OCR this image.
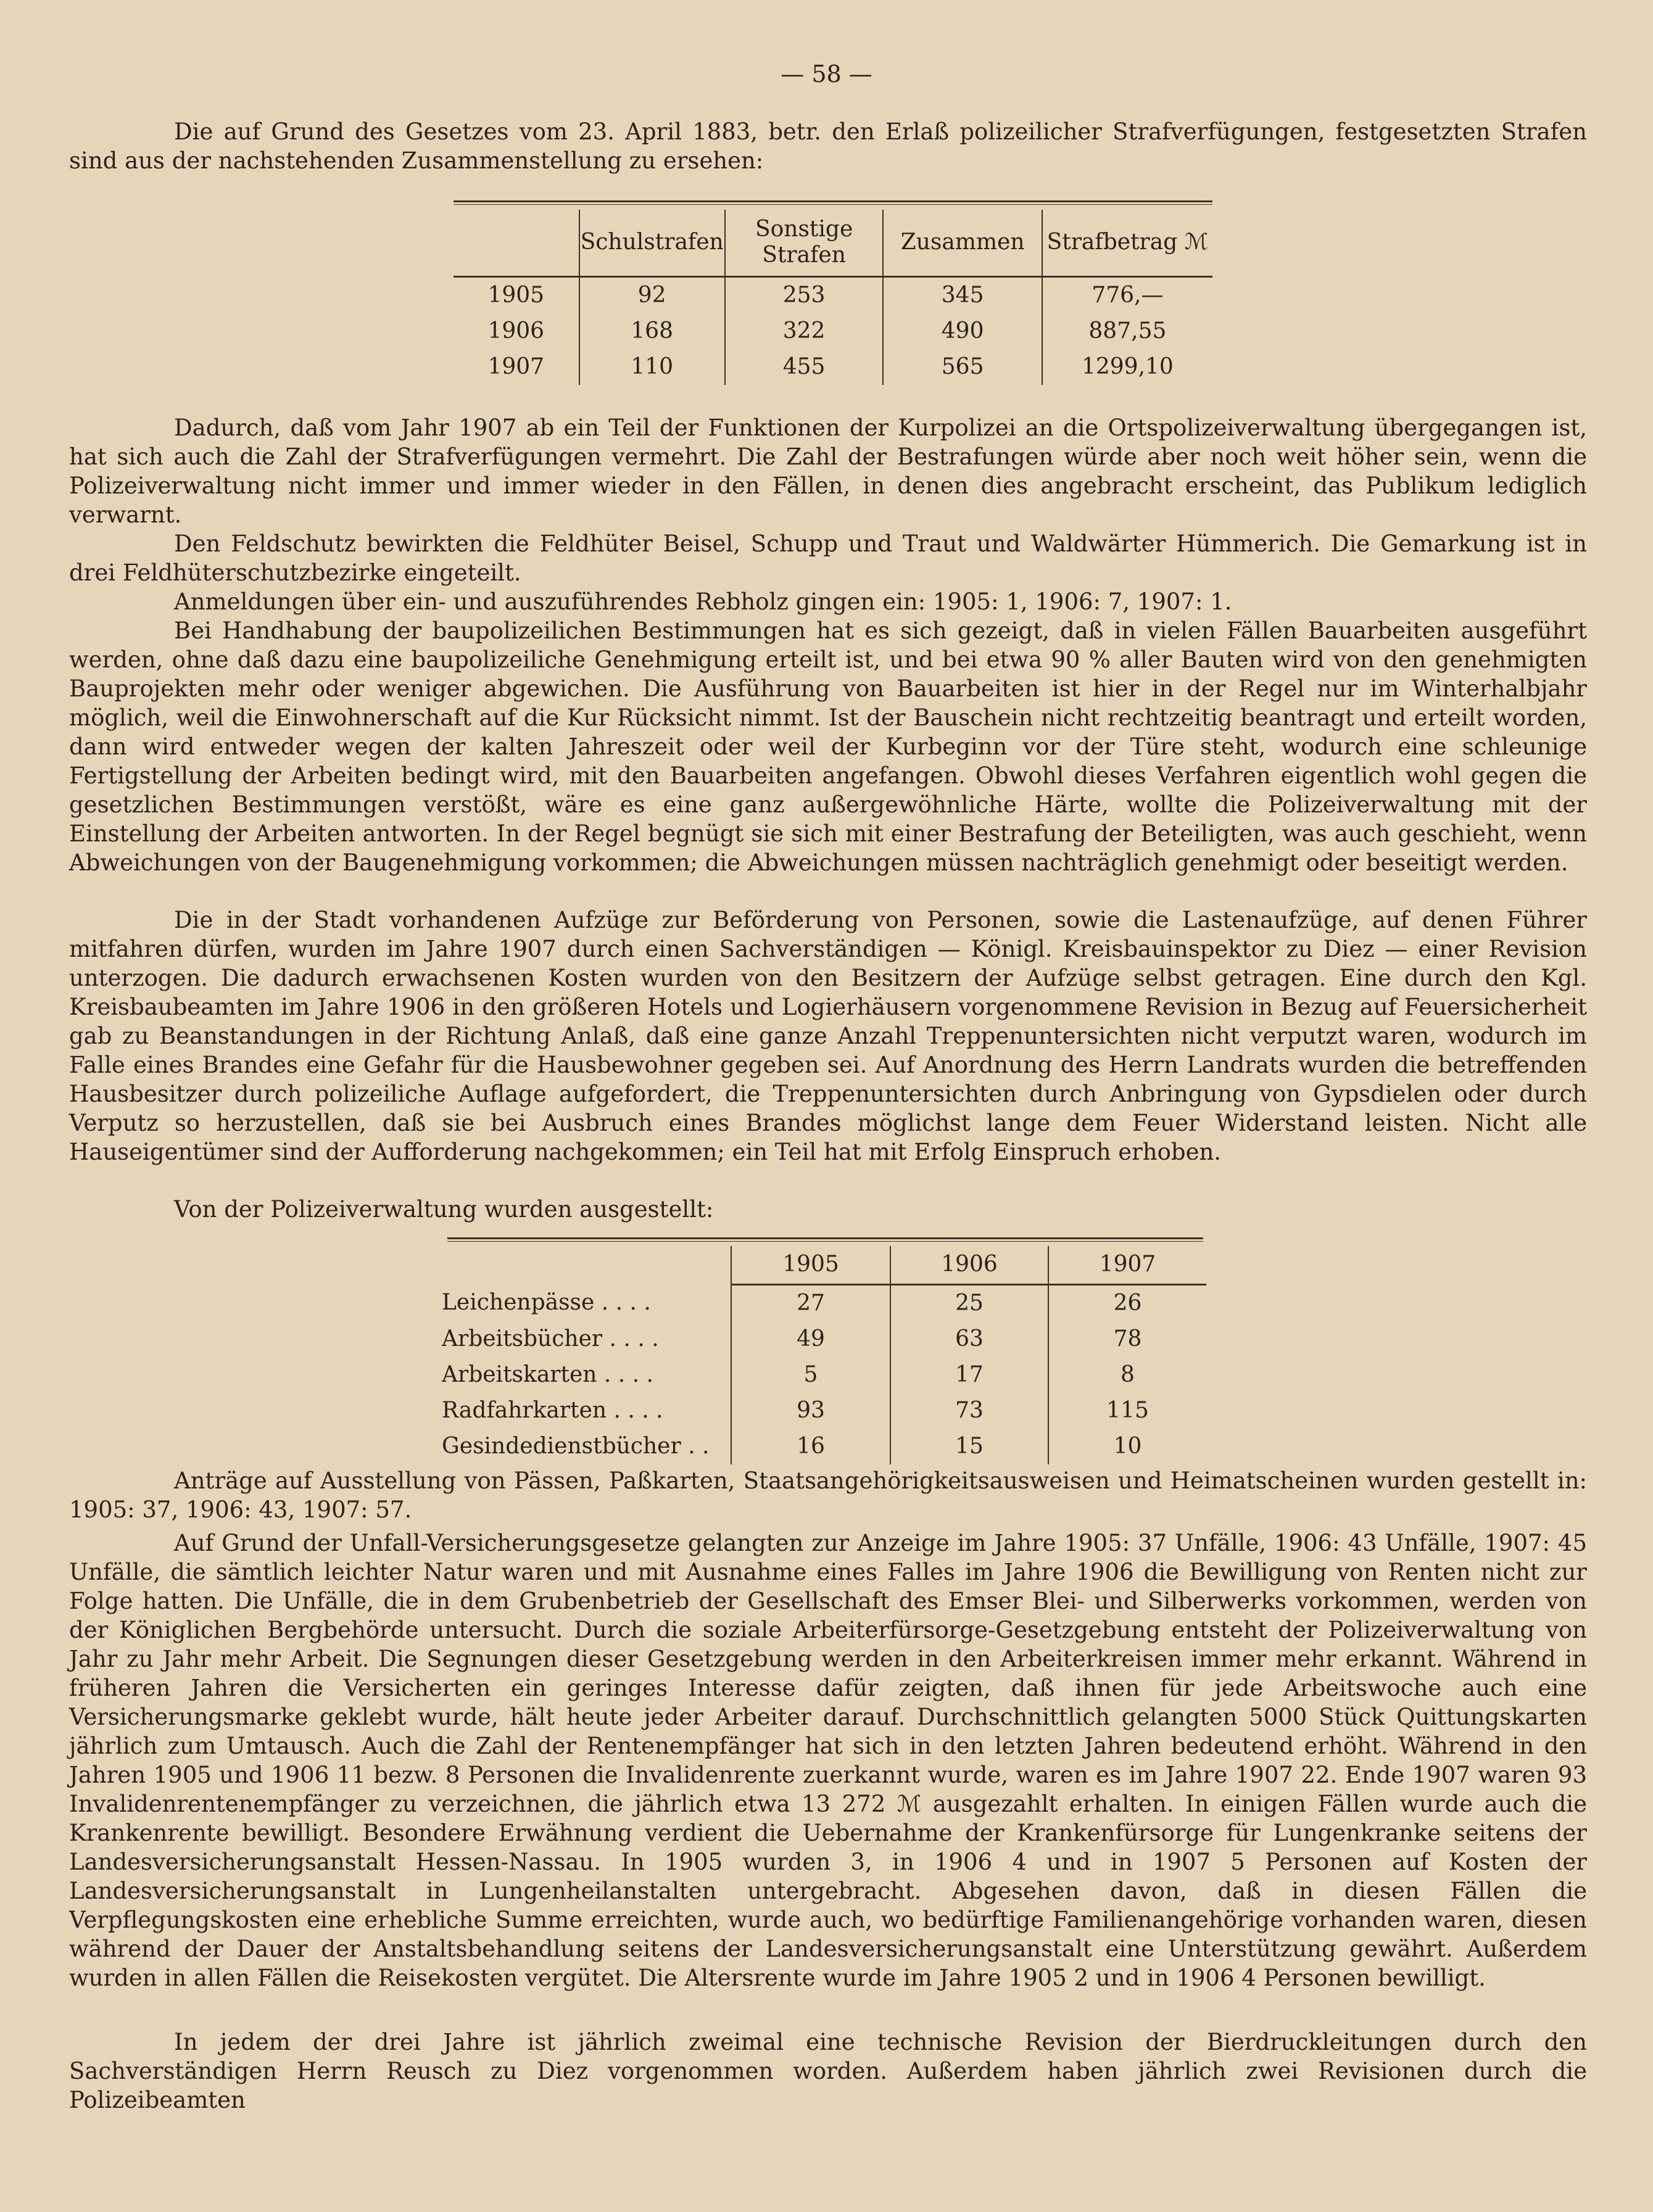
— 58 —

Die auf Grund des Gesetzes vom 23. April 1883, betr. den Erlaß polizeilicher Strafverfügungen, festgesetzten Strafen sind aus der nachstehenden Zusammenstellung zu ersehen:

	Schulstrafen	Sonstige Strafen	Zusammen	Strafbetrag ℳ
1905	92	253	345	776,—
1906	168	322	490	887,55
1907	110	455	565	1299,10

Dadurch, daß vom Jahr 1907 ab ein Teil der Funktionen der Kurpolizei an die Ortspolizeiverwaltung übergegangen ist, hat sich auch die Zahl der Strafverfügungen vermehrt. Die Zahl der Bestrafungen würde aber noch weit höher sein, wenn die Polizeiverwaltung nicht immer und immer wieder in den Fällen, in denen dies angebracht erscheint, das Publikum lediglich verwarnt.

Den Feldschutz bewirkten die Feldhüter Beisel, Schupp und Traut und Waldwärter Hümmerich. Die Gemarkung ist in drei Feldhüterschutzbezirke eingeteilt.

Anmeldungen über ein- und auszuführendes Rebholz gingen ein: 1905: 1, 1906: 7, 1907: 1.

Bei Handhabung der baupolizeilichen Bestimmungen hat es sich gezeigt, daß in vielen Fällen Bauarbeiten ausgeführt werden, ohne daß dazu eine baupolizeiliche Genehmigung erteilt ist, und bei etwa 90 % aller Bauten wird von den genehmigten Bauprojekten mehr oder weniger abgewichen. Die Ausführung von Bauarbeiten ist hier in der Regel nur im Winterhalbjahr möglich, weil die Einwohnerschaft auf die Kur Rücksicht nimmt. Ist der Bauschein nicht rechtzeitig beantragt und erteilt worden, dann wird entweder wegen der kalten Jahreszeit oder weil der Kurbeginn vor der Türe steht, wodurch eine schleunige Fertigstellung der Arbeiten bedingt wird, mit den Bauarbeiten angefangen. Obwohl dieses Verfahren eigentlich wohl gegen die gesetzlichen Bestimmungen verstößt, wäre es eine ganz außergewöhnliche Härte, wollte die Polizeiverwaltung mit der Einstellung der Arbeiten antworten. In der Regel begnügt sie sich mit einer Bestrafung der Beteiligten, was auch geschieht, wenn Abweichungen von der Baugenehmigung vorkommen; die Abweichungen müssen nachträglich genehmigt oder beseitigt werden.

Die in der Stadt vorhandenen Aufzüge zur Beförderung von Personen, sowie die Lastenaufzüge, auf denen Führer mitfahren dürfen, wurden im Jahre 1907 durch einen Sachverständigen — Königl. Kreisbauinspektor zu Diez — einer Revision unterzogen. Die dadurch erwachsenen Kosten wurden von den Besitzern der Aufzüge selbst getragen. Eine durch den Kgl. Kreisbaubeamten im Jahre 1906 in den größeren Hotels und Logierhäusern vorgenommene Revision in Bezug auf Feuersicherheit gab zu Beanstandungen in der Richtung Anlaß, daß eine ganze Anzahl Treppenuntersichten nicht verputzt waren, wodurch im Falle eines Brandes eine Gefahr für die Hausbewohner gegeben sei. Auf Anordnung des Herrn Landrats wurden die betreffenden Hausbesitzer durch polizeiliche Auflage aufgefordert, die Treppenuntersichten durch Anbringung von Gypsdielen oder durch Verputz so herzustellen, daß sie bei Ausbruch eines Brandes möglichst lange dem Feuer Widerstand leisten. Nicht alle Hauseigentümer sind der Aufforderung nachgekommen; ein Teil hat mit Erfolg Einspruch erhoben.

Von der Polizeiverwaltung wurden ausgestellt:

	1905	1906	1907
Leichenpässe . . . .	27	25	26
Arbeitsbücher . . . .	49	63	78
Arbeitskarten . . . .	5	17	8
Radfahrkarten . . . .	93	73	115
Gesindedienstbücher . .	16	15	10

Anträge auf Ausstellung von Pässen, Paßkarten, Staatsangehörigkeitsausweisen und Heimatscheinen wurden gestellt in: 1905: 37, 1906: 43, 1907: 57.

Auf Grund der Unfall-Versicherungsgesetze gelangten zur Anzeige im Jahre 1905: 37 Unfälle, 1906: 43 Unfälle, 1907: 45 Unfälle, die sämtlich leichter Natur waren und mit Ausnahme eines Falles im Jahre 1906 die Bewilligung von Renten nicht zur Folge hatten. Die Unfälle, die in dem Grubenbetrieb der Gesellschaft des Emser Blei- und Silberwerks vorkommen, werden von der Königlichen Bergbehörde untersucht. Durch die soziale Arbeiterfürsorge-Gesetzgebung entsteht der Polizeiverwaltung von Jahr zu Jahr mehr Arbeit. Die Segnungen dieser Gesetzgebung werden in den Arbeiterkreisen immer mehr erkannt. Während in früheren Jahren die Versicherten ein geringes Interesse dafür zeigten, daß ihnen für jede Arbeitswoche auch eine Versicherungsmarke geklebt wurde, hält heute jeder Arbeiter darauf. Durchschnittlich gelangten 5000 Stück Quittungskarten jährlich zum Umtausch. Auch die Zahl der Rentenempfänger hat sich in den letzten Jahren bedeutend erhöht. Während in den Jahren 1905 und 1906 11 bezw. 8 Personen die Invalidenrente zuerkannt wurde, waren es im Jahre 1907 22. Ende 1907 waren 93 Invalidenrentenempfänger zu verzeichnen, die jährlich etwa 13 272 ℳ ausgezahlt erhalten. In einigen Fällen wurde auch die Krankenrente bewilligt. Besondere Erwähnung verdient die Uebernahme der Krankenfürsorge für Lungenkranke seitens der Landesversicherungsanstalt Hessen-Nassau. In 1905 wurden 3, in 1906 4 und in 1907 5 Personen auf Kosten der Landesversicherungsanstalt in Lungenheilanstalten untergebracht. Abgesehen davon, daß in diesen Fällen die Verpflegungskosten eine erhebliche Summe erreichten, wurde auch, wo bedürftige Familienangehörige vorhanden waren, diesen während der Dauer der Anstaltsbehandlung seitens der Landesversicherungsanstalt eine Unterstützung gewährt. Außerdem wurden in allen Fällen die Reisekosten vergütet. Die Altersrente wurde im Jahre 1905 2 und in 1906 4 Personen bewilligt.

In jedem der drei Jahre ist jährlich zweimal eine technische Revision der Bierdruckleitungen durch den Sachverständigen Herrn Reusch zu Diez vorgenommen worden. Außerdem haben jährlich zwei Revisionen durch die Polizeibeamten
